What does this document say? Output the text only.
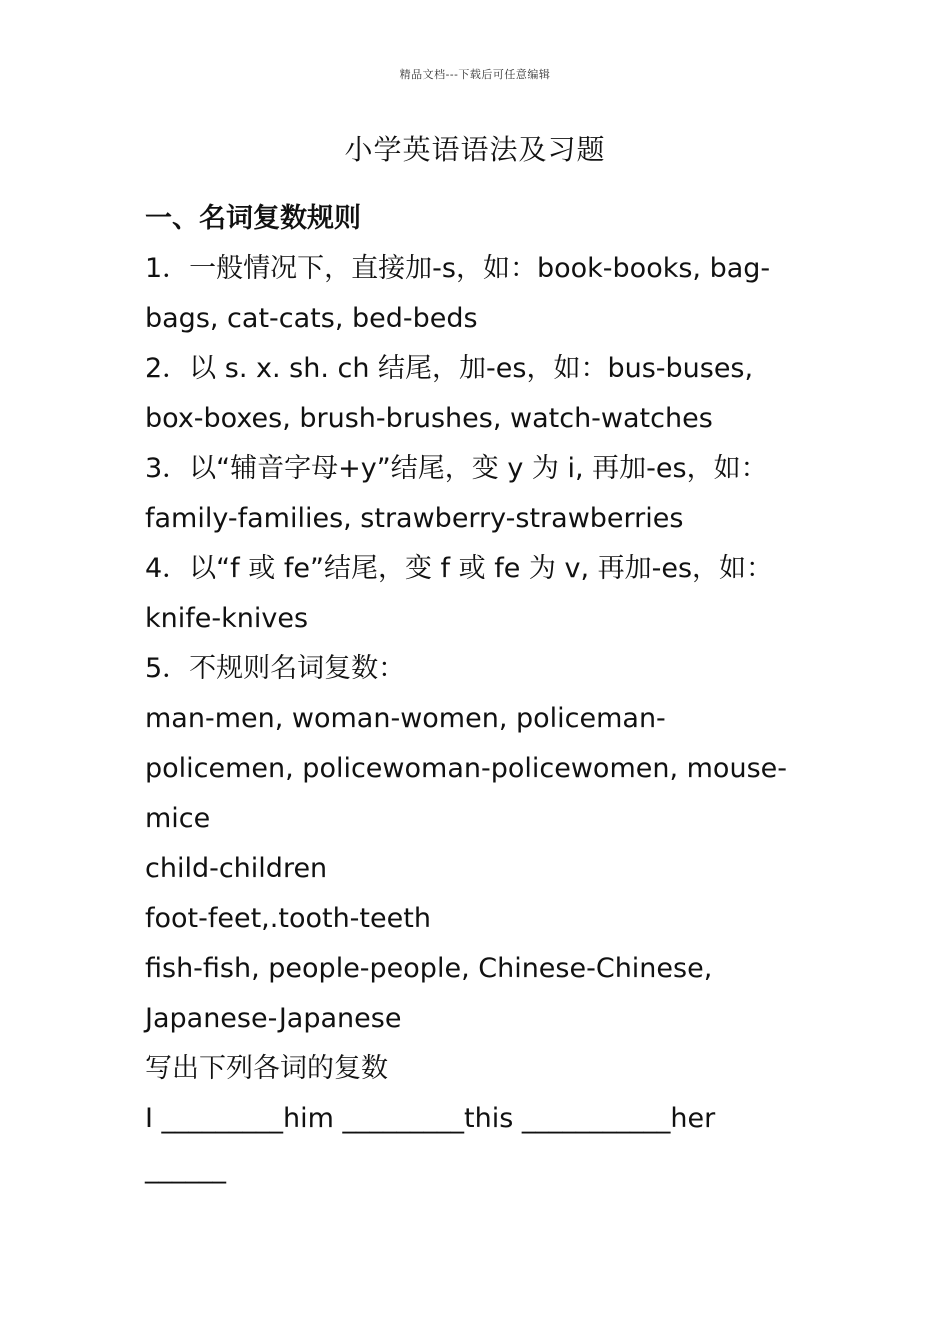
精品文档---下载后可任意编辑
小学英语语法及习题

一、名词复数规则

1．一般情况下，直接加-s，如：book-books, bag-

bags, cat-cats, bed-beds

2．以 s. x. sh. ch 结尾，加-es，如：bus-buses,

box-boxes, brush-brushes, watch-watches

3．以“辅音字母+y”结尾，变 y 为 i, 再加-es，如：

family-families, strawberry-strawberries

4．以“f 或 fe”结尾，变 f 或 fe 为 v, 再加-es，如：

knife-knives

5．不规则名词复数：

man-men, woman-women, policeman-

policemen, policewoman-policewomen, mouse-

mice

child-children

foot-feet,.tooth-teeth

fish-fish, people-people, Chinese-Chinese,

Japanese-Japanese

写出下列各词的复数

I _________him _________this ___________her

______
